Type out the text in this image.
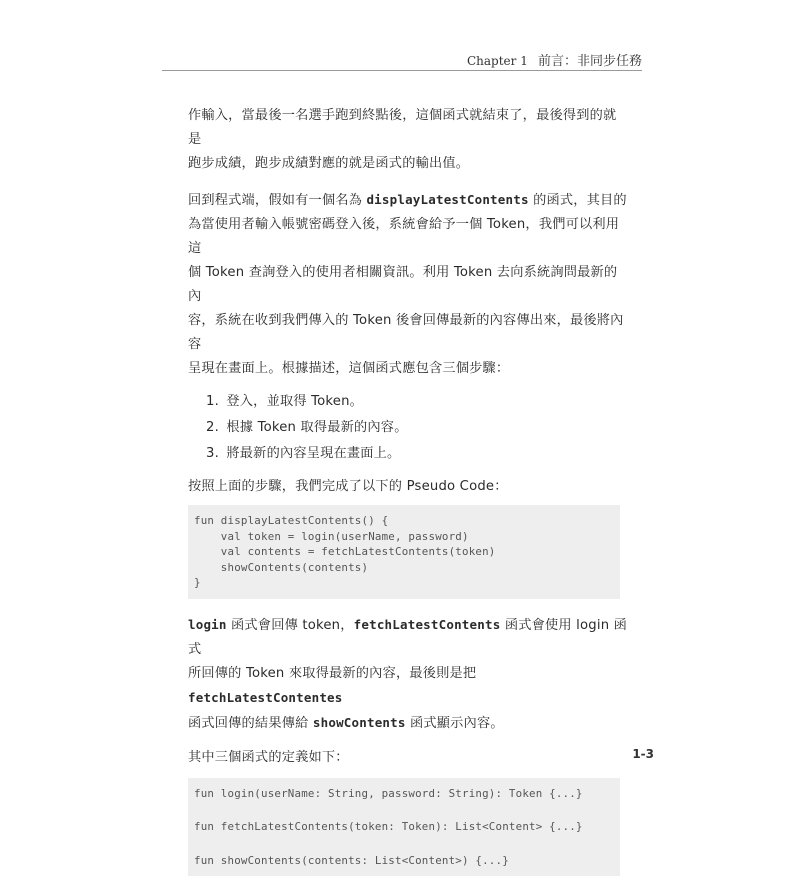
Chapter 1 前言：非同步任務

作輸入，當最後一名選手跑到終點後，這個函式就結束了，最後得到的就是
跑步成績，跑步成績對應的就是函式的輸出值。

回到程式端，假如有一個名為 displayLatestContents 的函式，其目的
為當使用者輸入帳號密碼登入後，系統會給予一個 Token，我們可以利用這
個 Token 查詢登入的使用者相關資訊。利用 Token 去向系統詢問最新的內
容，系統在收到我們傳入的 Token 後會回傳最新的內容傳出來，最後將內容
呈現在畫面上。根據描述，這個函式應包含三個步驟：

1. 登入，並取得 Token。
2. 根據 Token 取得最新的內容。
3. 將最新的內容呈現在畫面上。

按照上面的步驟，我們完成了以下的 Pseudo Code：

fun displayLatestContents() {
val token = login(userName, password)
val contents = fetchLatestContents(token)
showContents(contents)
}

login 函式會回傳 token，fetchLatestContents 函式會使用 login 函式
所回傳的 Token 來取得最新的內容，最後則是把 fetchLatestContentes
函式回傳的結果傳給 showContents 函式顯示內容。

其中三個函式的定義如下：

fun login(userName: String, password: String): Token {...}
fun fetchLatestContents(token: Token): List<Content> {...}
fun showContents(contents: List<Content>) {...}
1-3
